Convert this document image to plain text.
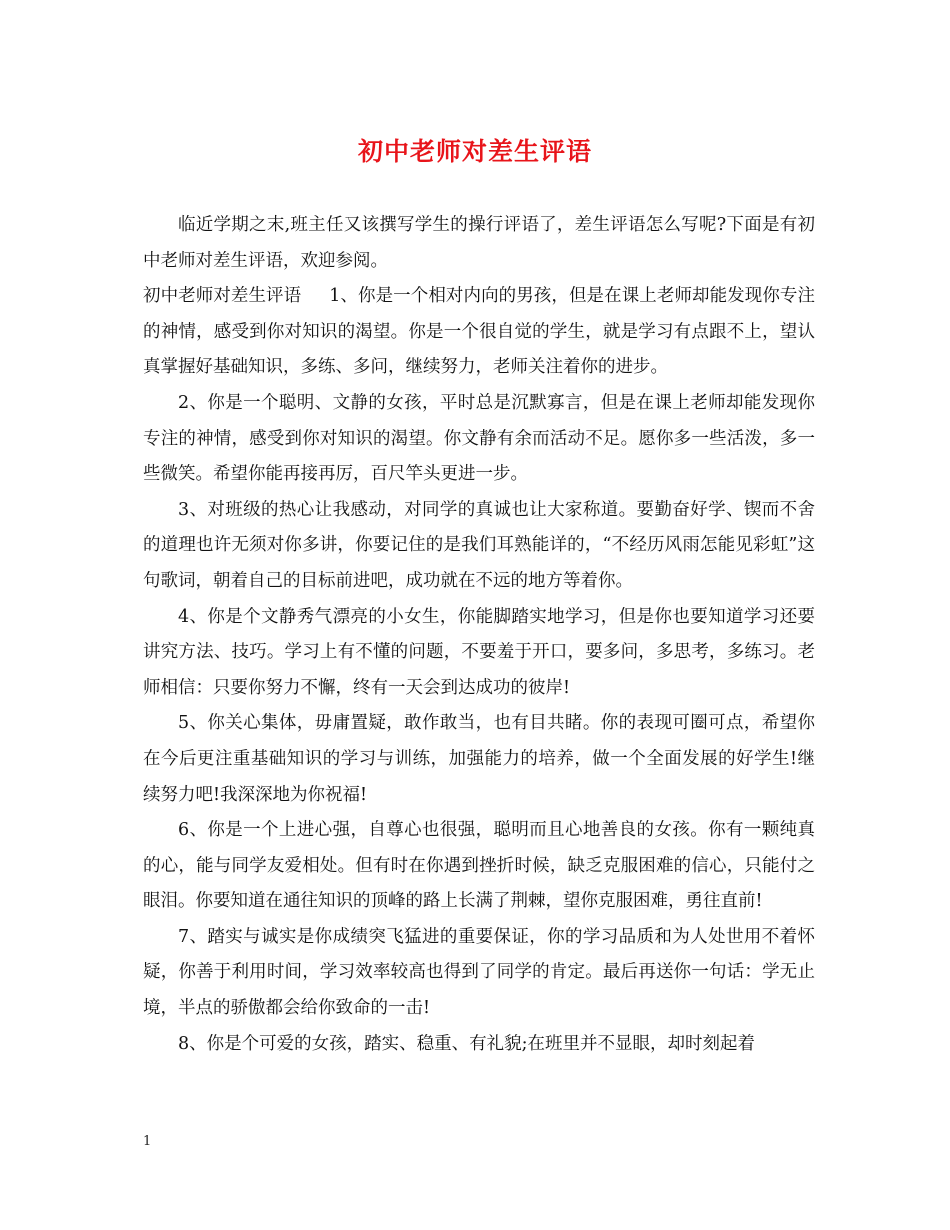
初中老师对差生评语

临近学期之末,班主任又该撰写学生的操行评语了，差生评语怎么写呢?下面是有初中老师对差生评语，欢迎参阅。

初中老师对差生评语 1、你是一个相对内向的男孩，但是在课上老师却能发现你专注的神情，感受到你对知识的渴望。你是一个很自觉的学生，就是学习有点跟不上，望认真掌握好基础知识，多练、多问，继续努力，老师关注着你的进步。

2、你是一个聪明、文静的女孩，平时总是沉默寡言，但是在课上老师却能发现你专注的神情，感受到你对知识的渴望。你文静有余而活动不足。愿你多一些活泼，多一些微笑。希望你能再接再厉，百尺竿头更进一步。

3、对班级的热心让我感动，对同学的真诚也让大家称道。要勤奋好学、锲而不舍的道理也许无须对你多讲，你要记住的是我们耳熟能详的，“不经历风雨怎能见彩虹”这句歌词，朝着自己的目标前进吧，成功就在不远的地方等着你。

4、你是个文静秀气漂亮的小女生，你能脚踏实地学习，但是你也要知道学习还要讲究方法、技巧。学习上有不懂的问题，不要羞于开口，要多问，多思考，多练习。老师相信：只要你努力不懈，终有一天会到达成功的彼岸!

5、你关心集体，毋庸置疑，敢作敢当，也有目共睹。你的表现可圈可点，希望你在今后更注重基础知识的学习与训练，加强能力的培养，做一个全面发展的好学生!继续努力吧!我深深地为你祝福!

6、你是一个上进心强，自尊心也很强，聪明而且心地善良的女孩。你有一颗纯真的心，能与同学友爱相处。但有时在你遇到挫折时候，缺乏克服困难的信心，只能付之眼泪。你要知道在通往知识的顶峰的路上长满了荆棘，望你克服困难，勇往直前!

7、踏实与诚实是你成绩突飞猛进的重要保证，你的学习品质和为人处世用不着怀疑，你善于利用时间，学习效率较高也得到了同学的肯定。最后再送你一句话：学无止境，半点的骄傲都会给你致命的一击!

8、你是个可爱的女孩，踏实、稳重、有礼貌;在班里并不显眼，却时刻起着

1
